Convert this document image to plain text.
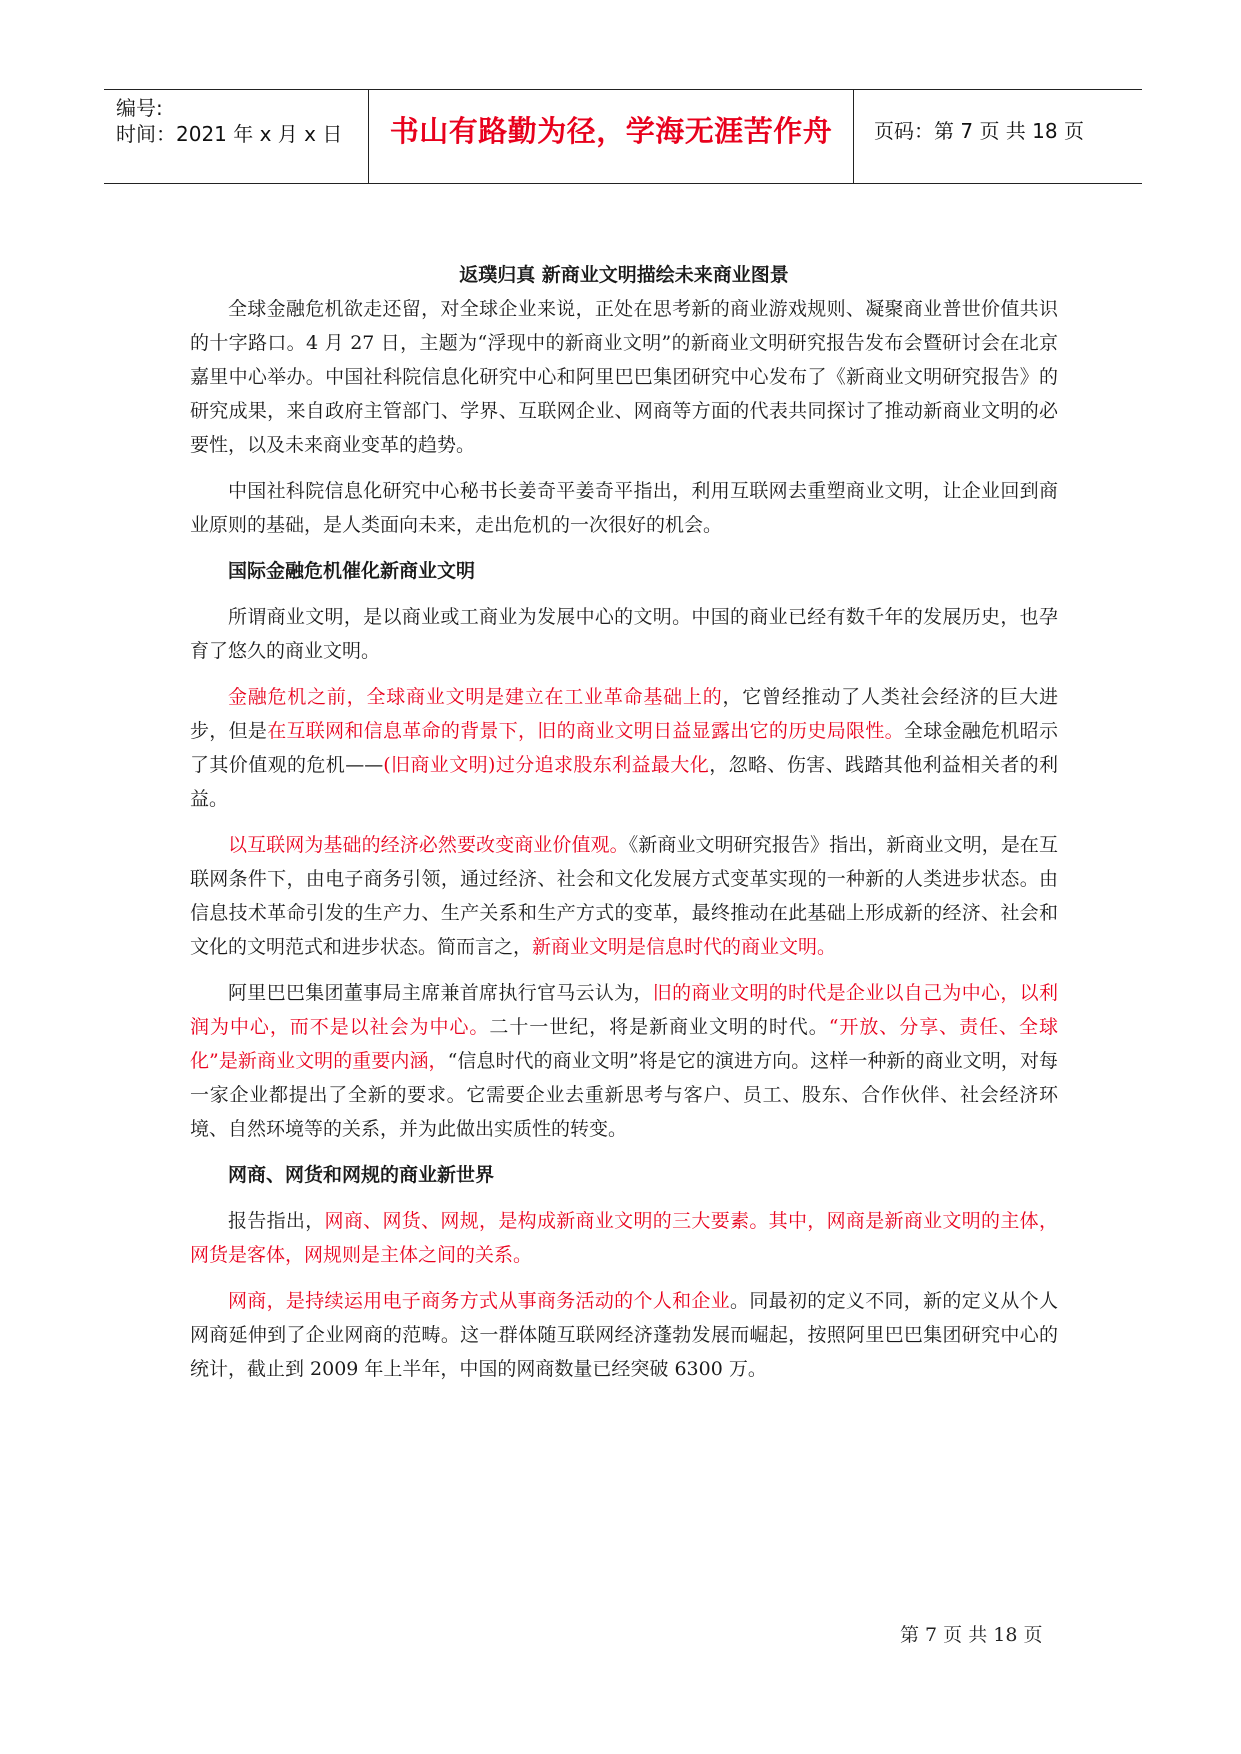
编号:
时间：2021 年 x 月 x 日 书山有路勤为径，学海无涯苦作舟 页码：第 7 页 共 18 页
返璞归真 新商业文明描绘未来商业图景

全球金融危机欲走还留，对全球企业来说，正处在思考新的商业游戏规则、凝聚商业普世价值共识的十字路口。4 月 27 日，主题为“浮现中的新商业文明”的新商业文明研究报告发布会暨研讨会在北京嘉里中心举办。中国社科院信息化研究中心和阿里巴巴集团研究中心发布了《新商业文明研究报告》的研究成果，来自政府主管部门、学界、互联网企业、网商等方面的代表共同探讨了推动新商业文明的必要性，以及未来商业变革的趋势。

中国社科院信息化研究中心秘书长姜奇平姜奇平指出，利用互联网去重塑商业文明，让企业回到商业原则的基础，是人类面向未来，走出危机的一次很好的机会。

国际金融危机催化新商业文明

所谓商业文明，是以商业或工商业为发展中心的文明。中国的商业已经有数千年的发展历史，也孕育了悠久的商业文明。

金融危机之前，全球商业文明是建立在工业革命基础上的，它曾经推动了人类社会经济的巨大进步，但是在互联网和信息革命的背景下，旧的商业文明日益显露出它的历史局限性。全球金融危机昭示了其价值观的危机——(旧商业文明)过分追求股东利益最大化，忽略、伤害、践踏其他利益相关者的利益。

以互联网为基础的经济必然要改变商业价值观。《新商业文明研究报告》指出，新商业文明，是在互联网条件下，由电子商务引领，通过经济、社会和文化发展方式变革实现的一种新的人类进步状态。由信息技术革命引发的生产力、生产关系和生产方式的变革，最终推动在此基础上形成新的经济、社会和文化的文明范式和进步状态。简而言之，新商业文明是信息时代的商业文明。

阿里巴巴集团董事局主席兼首席执行官马云认为，旧的商业文明的时代是企业以自己为中心，以利润为中心，而不是以社会为中心。二十一世纪，将是新商业文明的时代。“开放、分享、责任、全球化”是新商业文明的重要内涵，“信息时代的商业文明”将是它的演进方向。这样一种新的商业文明，对每一家企业都提出了全新的要求。它需要企业去重新思考与客户、员工、股东、合作伙伴、社会经济环境、自然环境等的关系，并为此做出实质性的转变。

网商、网货和网规的商业新世界

报告指出，网商、网货、网规，是构成新商业文明的三大要素。其中，网商是新商业文明的主体，网货是客体，网规则是主体之间的关系。

网商，是持续运用电子商务方式从事商务活动的个人和企业。同最初的定义不同，新的定义从个人网商延伸到了企业网商的范畴。这一群体随互联网经济蓬勃发展而崛起，按照阿里巴巴集团研究中心的统计，截止到 2009 年上半年，中国的网商数量已经突破 6300 万。

第 7 页 共 18 页
